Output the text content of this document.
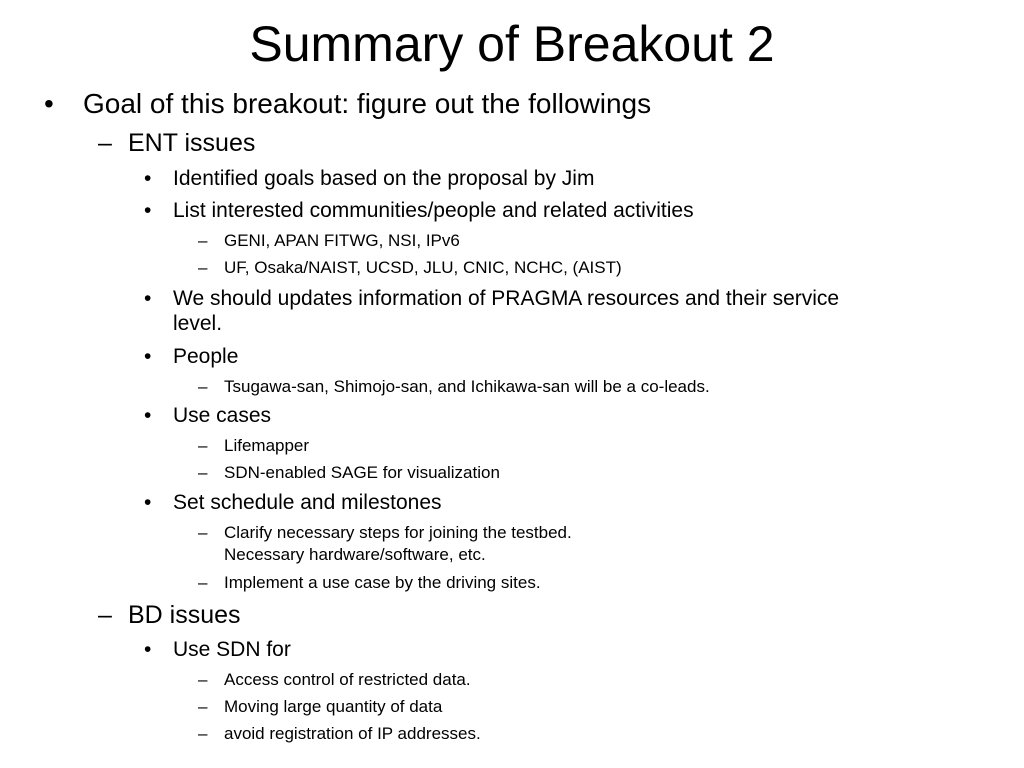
Summary of Breakout 2
• Goal of this breakout: figure out the followings
– ENT issues
• Identified goals based on the proposal by Jim
• List interested communities/people and related activities
– GENI, APAN FITWG, NSI, IPv6
– UF, Osaka/NAIST, UCSD, JLU, CNIC, NCHC, (AIST)
• We should updates information of PRAGMA resources and their service
level.
• People
– Tsugawa-san, Shimojo-san, and Ichikawa-san will be a co-leads.
• Use cases
– Lifemapper
– SDN-enabled SAGE for visualization
• Set schedule and milestones
– Clarify necessary steps for joining the testbed.
Necessary hardware/software, etc.
– Implement a use case by the driving sites.
– BD issues
• Use SDN for
– Access control of restricted data.
– Moving large quantity of data
– avoid registration of IP addresses.
